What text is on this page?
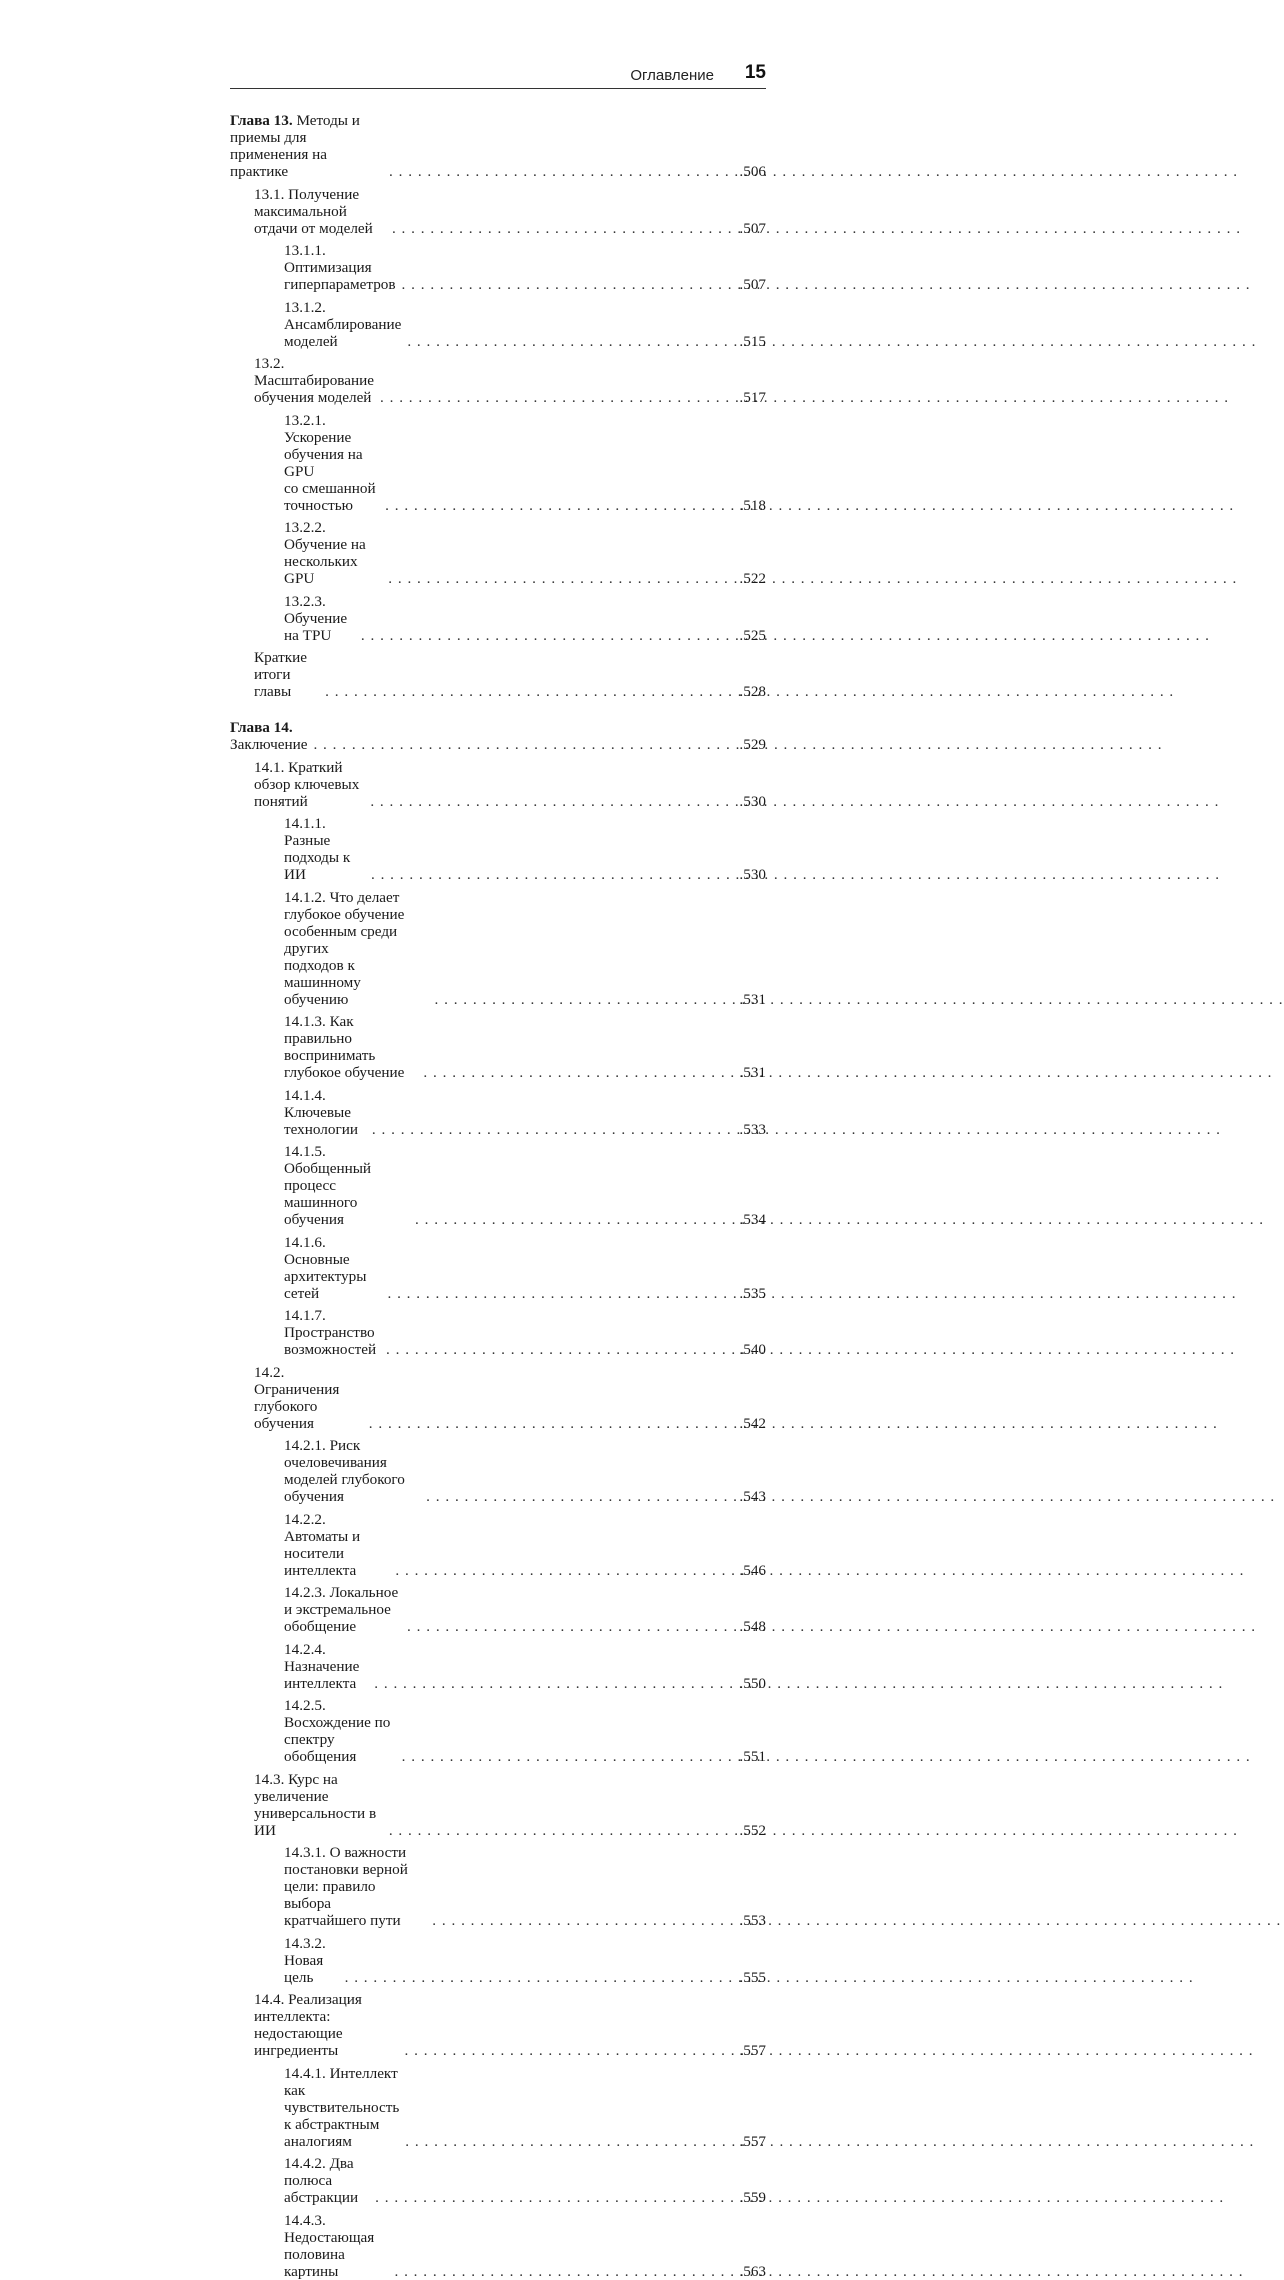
Оглавление 15
Глава 13. Методы и приемы для применения на практике . . .	.506
13.1. Получение максимальной отдачи от моделей . . .	.507
13.1.1. Оптимизация гиперпараметров . . .	.507
13.1.2. Ансамблирование моделей . . .	.515
13.2. Масштабирование обучения моделей . . .	.517
13.2.1. Ускорение обучения на GPU
со смешанной точностью . . .	.518
13.2.2. Обучение на нескольких GPU . . .	.522
13.2.3. Обучение на TPU . . .	.525
Краткие итоги главы . . .	.528
Глава 14. Заключение . . .	.529
14.1. Краткий обзор ключевых понятий . . .	.530
14.1.1. Разные подходы к ИИ . . .	.530
14.1.2. Что делает глубокое обучение особенным среди других
подходов к машинному обучению . . .	.531
14.1.3. Как правильно воспринимать глубокое обучение . . .	.531
14.1.4. Ключевые технологии . . .	.533
14.1.5. Обобщенный процесс машинного обучения . . .	.534
14.1.6. Основные архитектуры сетей . . .	.535
14.1.7. Пространство возможностей . . .	.540
14.2. Ограничения глубокого обучения . . .	.542
14.2.1. Риск очеловечивания моделей глубокого обучения . . .	.543
14.2.2. Автоматы и носители интеллекта . . .	.546
14.2.3. Локальное и экстремальное обобщение . . .	.548
14.2.4. Назначение интеллекта . . .	.550
14.2.5. Восхождение по спектру обобщения . . .	.551
14.3. Курс на увеличение универсальности в ИИ . . .	.552
14.3.1. О важности постановки верной цели: правило выбора
кратчайшего пути . . .	.553
14.3.2. Новая цель . . .	.555
14.4. Реализация интеллекта: недостающие ингредиенты . . .	.557
14.4.1. Интеллект как чувствительность
к абстрактным аналогиям . . .	.557
14.4.2. Два полюса абстракции . . .	.559
14.4.3. Недостающая половина картины . . .	.563
